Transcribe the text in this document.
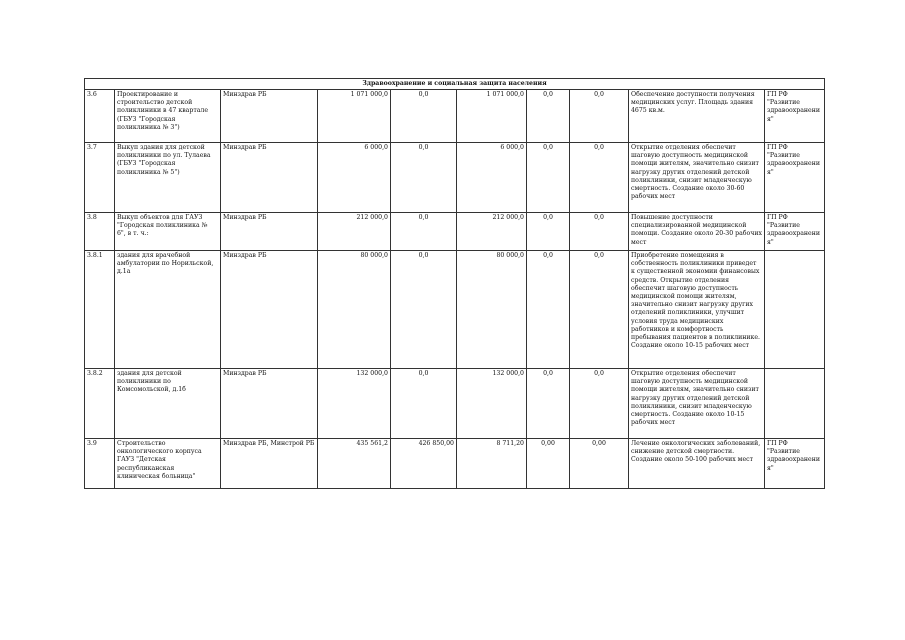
Здравоохранение и социальная защита населения									
3.6	Проектирование и строительство детской поликлиники в 47 квартале (ГБУЗ "Городская поликлиника № 3")	Минздрав РБ	1 071 000,0	0,0	1 071 000,0	0,0	0,0	Обеспечение доступности получения медицинских услуг. Площадь здания 4675 кв.м.	ГП РФ "Развитие здравоохранения"
3.7	Выкуп здания для детской поликлиники по ул. Тулаева (ГБУЗ "Городская поликлиника № 5")	Минздрав РБ	6 000,0	0,0	6 000,0	0,0	0,0	Открытие отделения обеспечит шаговую доступность медицинской помощи жителям, значительно снизит нагрузку других отделений детской поликлиники, снизит младенческую смертность. Создание около 30-60 рабочих мест	ГП РФ "Развитие здравоохранения"
3.8	Выкуп объектов для ГАУЗ "Городская поликлиника № 6", в т. ч.:	Минздрав РБ	212 000,0	0,0	212 000,0	0,0	0,0	Повышение доступности специализированной медицинской помощи. Создание около 20-30 рабочих мест	ГП РФ "Развитие здравоохранения"
3.8.1	здания для врачебной амбулатории по Норильской, д.1а	Минздрав РБ	80 000,0	0,0	80 000,0	0,0	0,0	Приобретение помещения в собственность поликлиники приведет к существенной экономии финансовых средств. Открытие отделения обеспечит шаговую доступность медицинской помощи жителям, значительно снизит нагрузку других отделений поликлиники, улучшит условия труда медицинских работников и комфортность пребывания пациентов в поликлинике. Создание около 10-15 рабочих мест	
3.8.2	здания для детской поликлиники по Комсомольской, д.1б	Минздрав РБ	132 000,0	0,0	132 000,0	0,0	0,0	Открытие отделения обеспечит шаговую доступность медицинской помощи жителям, значительно снизит нагрузку других отделений детской поликлиники, снизит младенческую смертность. Создание около 10-15 рабочих мест	
3.9	Строительство онкологического корпуса ГАУЗ "Детская республиканская клиническая больница"	Минздрав РБ, Минстрой РБ	435 561,2	426 850,00	8 711,20	0,00	0,00	Лечение онкологических заболеваний, снижение детской смертности. Создание около 50-100 рабочих мест	ГП РФ "Развитие здравоохранения"
